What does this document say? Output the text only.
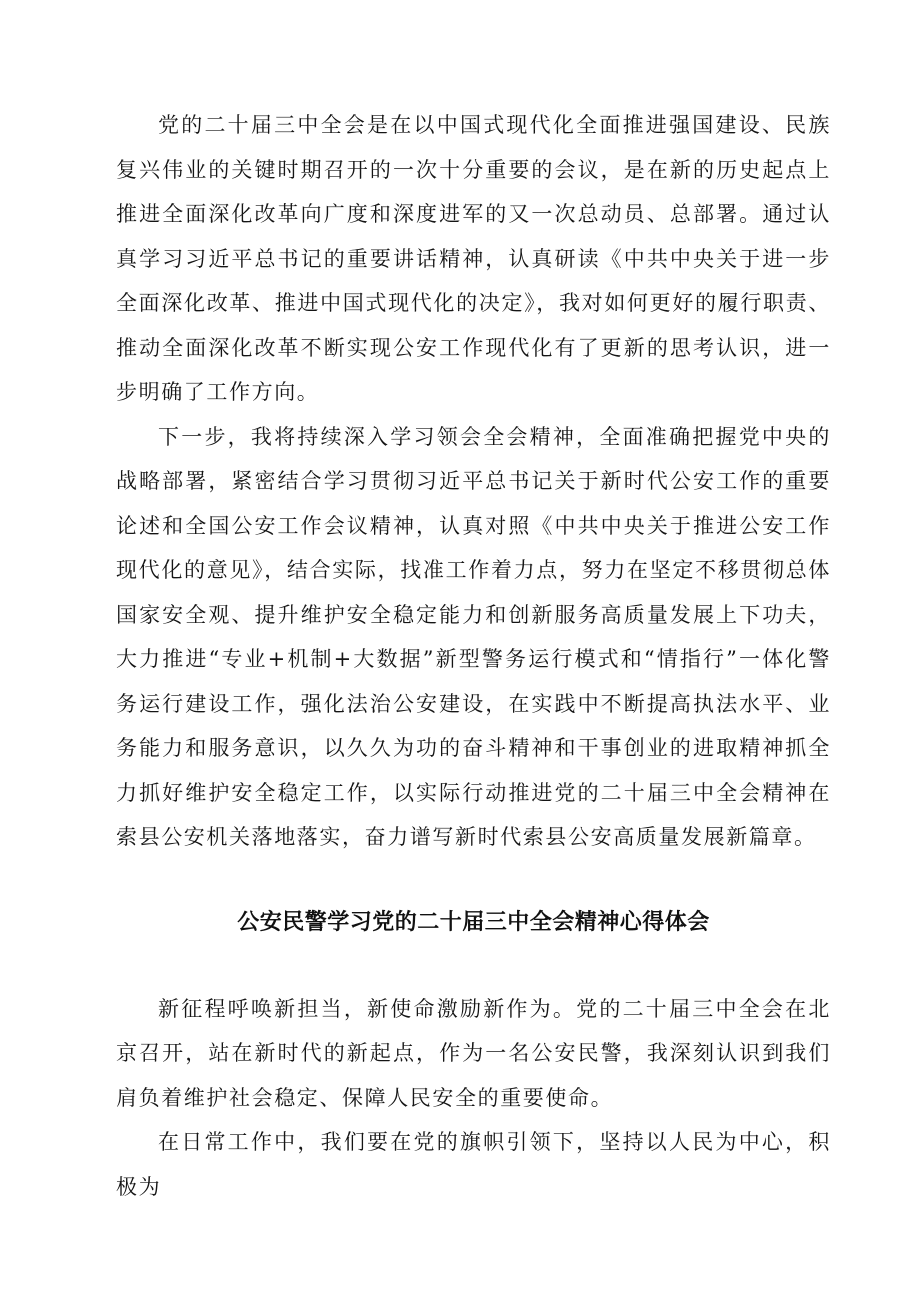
党的二十届三中全会是在以中国式现代化全面推进强国建设、民族复兴伟业的关键时期召开的一次十分重要的会议，是在新的历史起点上推进全面深化改革向广度和深度进军的又一次总动员、总部署。通过认真学习习近平总书记的重要讲话精神，认真研读《中共中央关于进一步全面深化改革、推进中国式现代化的决定》，我对如何更好的履行职责、推动全面深化改革不断实现公安工作现代化有了更新的思考认识，进一步明确了工作方向。

下一步，我将持续深入学习领会全会精神，全面准确把握党中央的战略部署，紧密结合学习贯彻习近平总书记关于新时代公安工作的重要论述和全国公安工作会议精神，认真对照《中共中央关于推进公安工作现代化的意见》，结合实际，找准工作着力点，努力在坚定不移贯彻总体国家安全观、提升维护安全稳定能力和创新服务高质量发展上下功夫，大力推进“专业+机制+大数据”新型警务运行模式和“情指行”一体化警务运行建设工作，强化法治公安建设，在实践中不断提高执法水平、业务能力和服务意识，以久久为功的奋斗精神和干事创业的进取精神抓全力抓好维护安全稳定工作，以实际行动推进党的二十届三中全会精神在索县公安机关落地落实，奋力谱写新时代索县公安高质量发展新篇章。

公安民警学习党的二十届三中全会精神心得体会

新征程呼唤新担当，新使命激励新作为。党的二十届三中全会在北京召开，站在新时代的新起点，作为一名公安民警，我深刻认识到我们肩负着维护社会稳定、保障人民安全的重要使命。

在日常工作中，我们要在党的旗帜引领下，坚持以人民为中心，积极为
